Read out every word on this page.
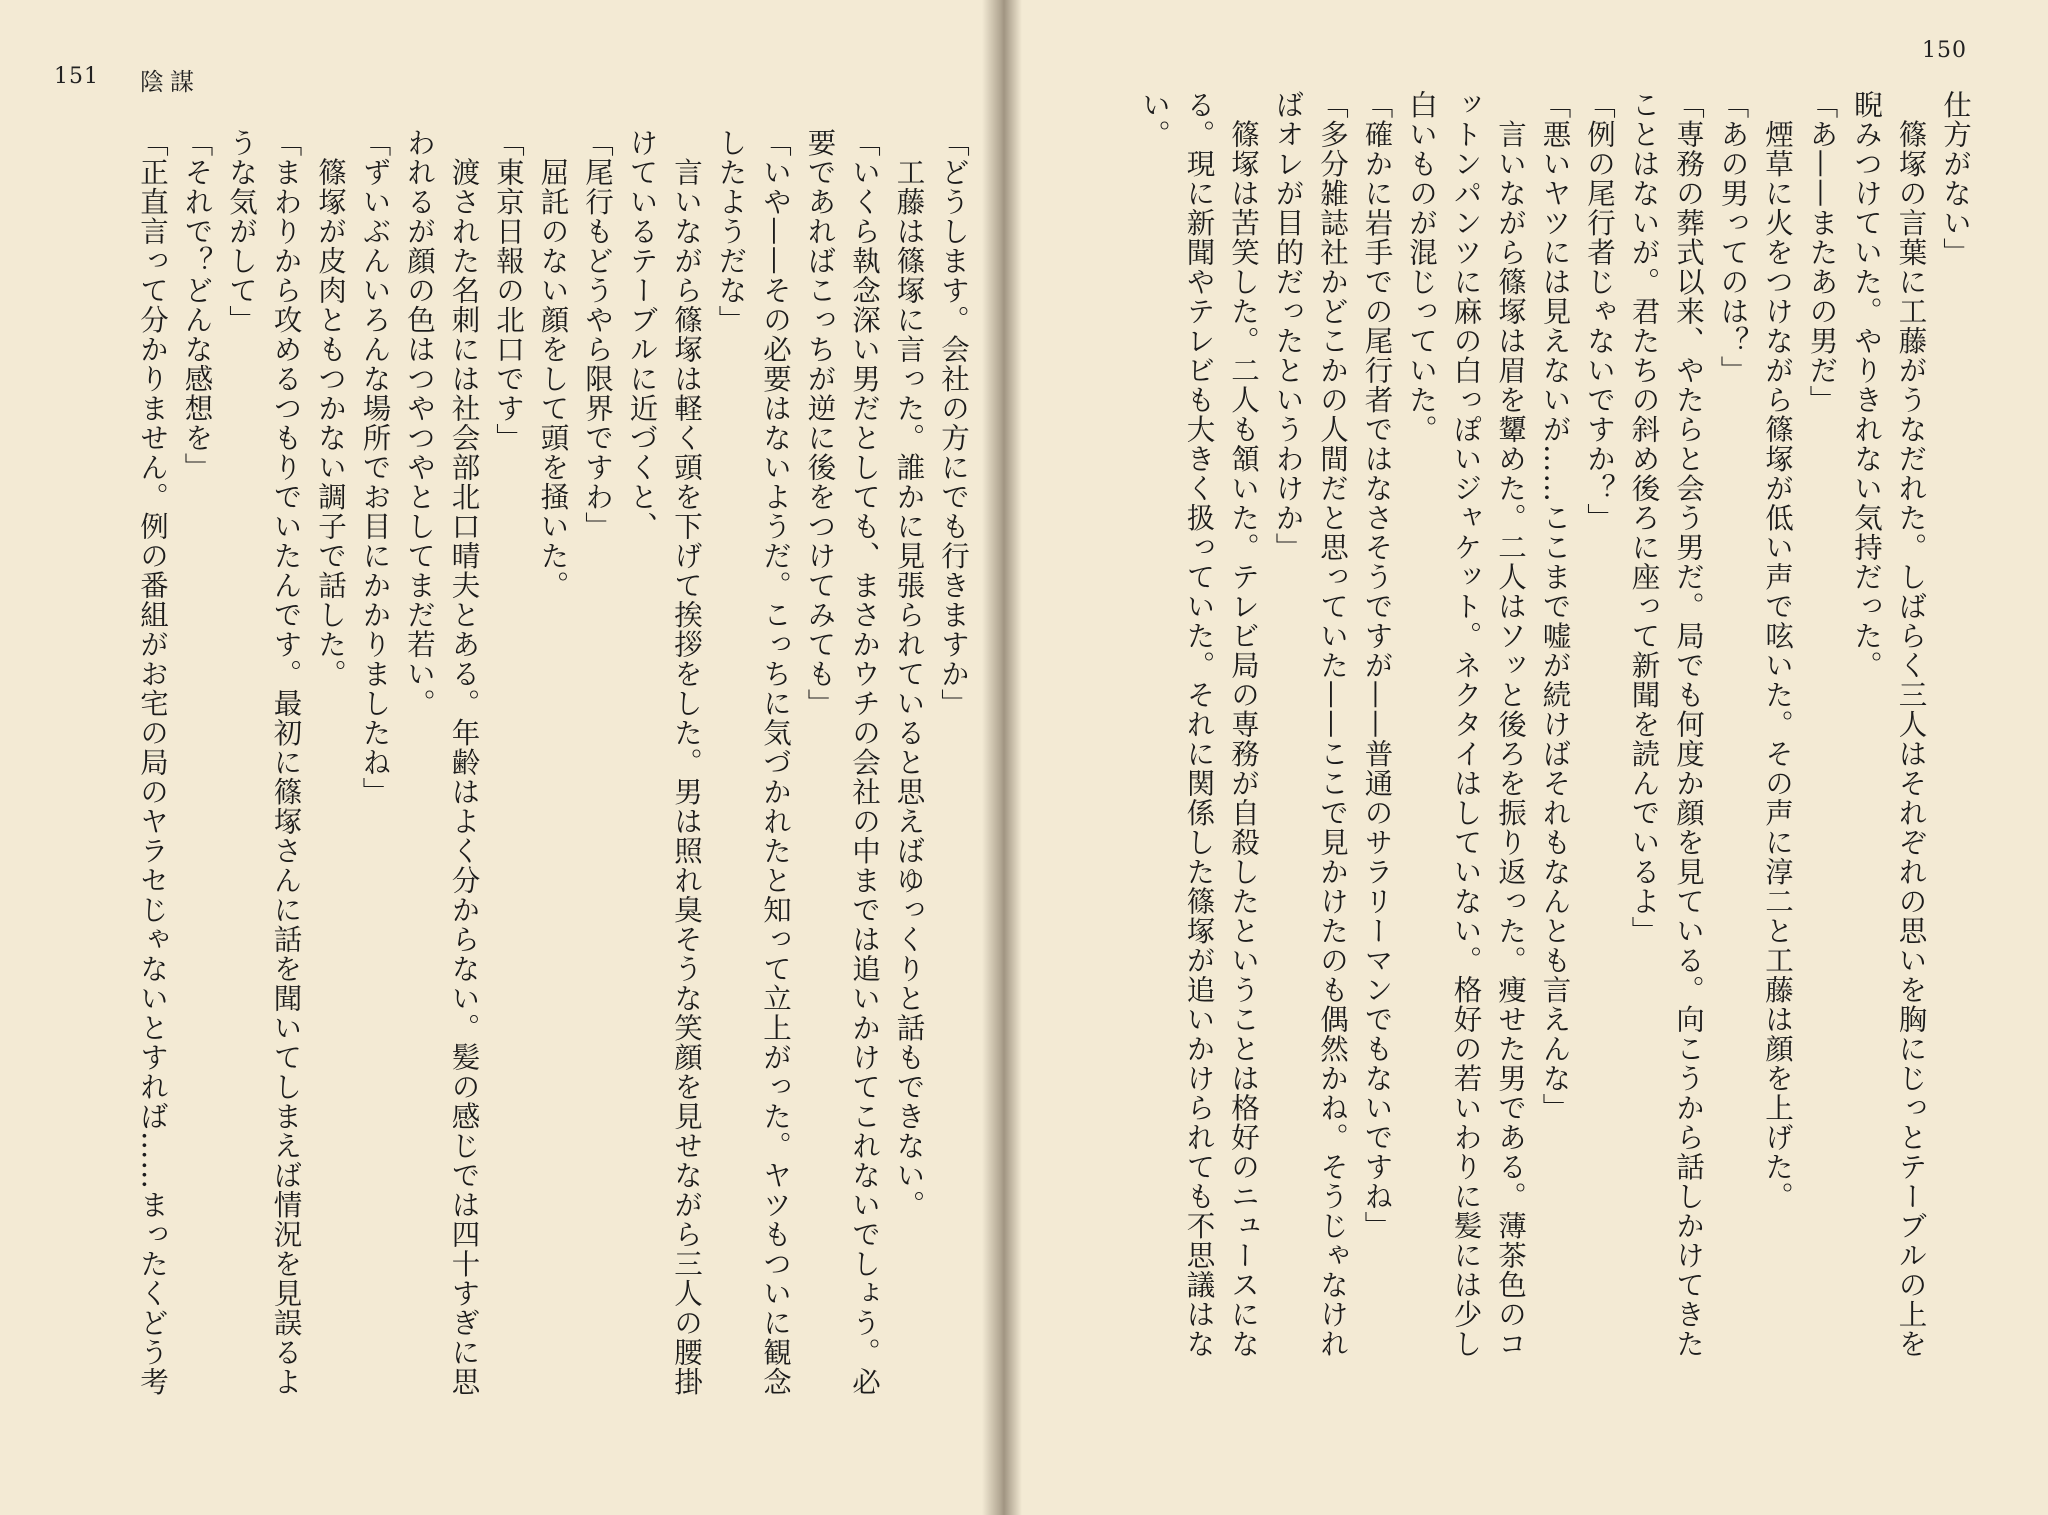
151 陰謀

「どうします。会社の方にでも行きますか」

　工藤は篠塚に言った。誰かに見張られていると思えばゆっくりと話もできない。

「いくら執念深い男だとしても、まさかウチの会社の中までは追いかけてこれないでしょう。必

要であればこっちが逆に後をつけてみても」

「いや——その必要はないようだ。こっちに気づかれたと知って立上がった。ヤツもついに観念

したようだな」

　言いながら篠塚は軽く頭を下げて挨拶をした。男は照れ臭そうな笑顔を見せながら三人の腰掛

けているテーブルに近づくと、

「尾行もどうやら限界ですわ」

　屈託のない顔をして頭を掻いた。

「東京日報の北口です」

　渡された名刺には社会部北口晴夫とある。年齢はよく分からない。髪の感じでは四十すぎに思

われるが顔の色はつやつやとしてまだ若い。

「ずいぶんいろんな場所でお目にかかりましたね」

　篠塚が皮肉ともつかない調子で話した。

「まわりから攻めるつもりでいたんです。最初に篠塚さんに話を聞いてしまえば情況を見誤るよ

うな気がして」

「それで？どんな感想を」

「正直言って分かりません。例の番組がお宅の局のヤラセじゃないとすれば……まったくどう考

150

仕方がない」

　篠塚の言葉に工藤がうなだれた。しばらく三人はそれぞれの思いを胸にじっとテーブルの上を

睨みつけていた。やりきれない気持だった。

「あ——またあの男だ」

　煙草に火をつけながら篠塚が低い声で呟いた。その声に淳二と工藤は顔を上げた。

「あの男ってのは？」

「専務の葬式以来、やたらと会う男だ。局でも何度か顔を見ている。向こうから話しかけてきた

ことはないが。君たちの斜め後ろに座って新聞を読んでいるよ」

「例の尾行者じゃないですか？」

「悪いヤツには見えないが……ここまで嘘が続けばそれもなんとも言えんな」

　言いながら篠塚は眉を顰めた。二人はソッと後ろを振り返った。痩せた男である。薄茶色のコ

ットンパンツに麻の白っぽいジャケット。ネクタイはしていない。格好の若いわりに髪には少し

白いものが混じっていた。

「確かに岩手での尾行者ではなさそうですが——普通のサラリーマンでもないですね」

「多分雑誌社かどこかの人間だと思っていた——ここで見かけたのも偶然かね。そうじゃなけれ

ばオレが目的だったというわけか」

　篠塚は苦笑した。二人も頷いた。テレビ局の専務が自殺したということは格好のニュースにな

る。現に新聞やテレビも大きく扱っていた。それに関係した篠塚が追いかけられても不思議はな

い。
